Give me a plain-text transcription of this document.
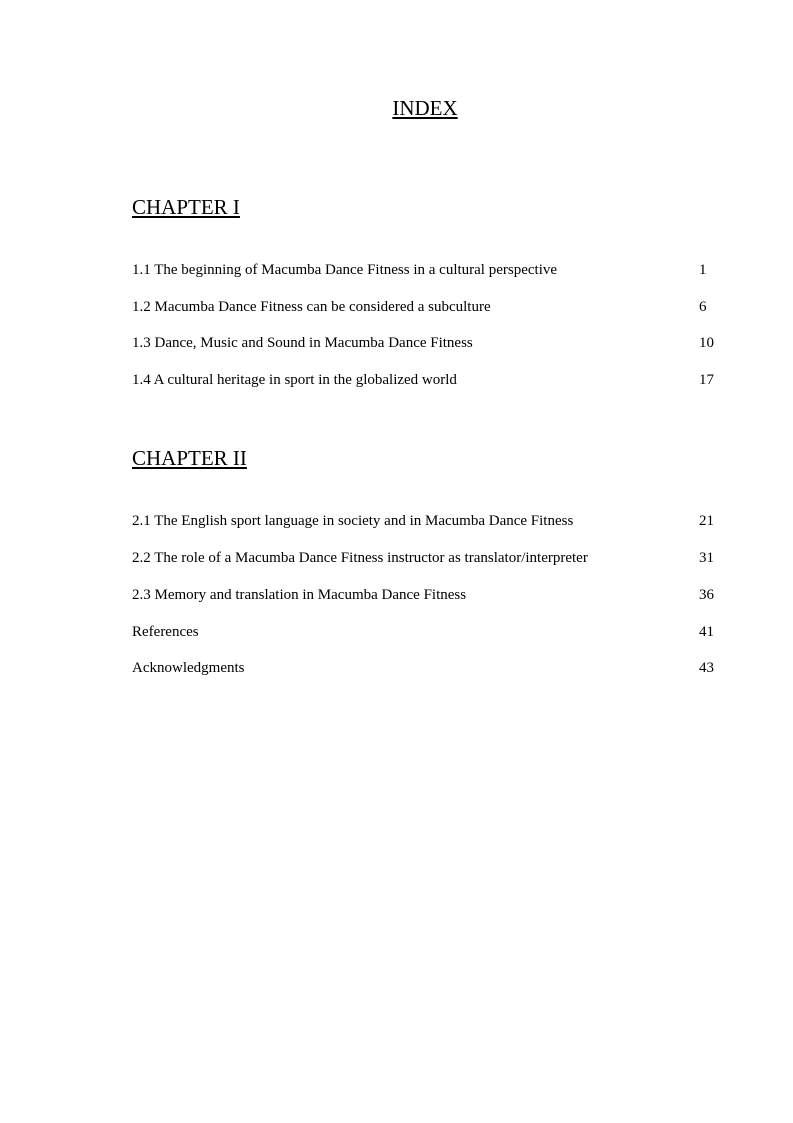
INDEX
CHAPTER I
1.1 The beginning of Macumba Dance Fitness in a cultural perspective	1
1.2 Macumba Dance Fitness can be considered a subculture	6
1.3 Dance, Music and Sound in Macumba Dance Fitness	10
1.4 A cultural heritage in sport in the globalized world	17
CHAPTER II
2.1 The English sport language in society and in Macumba Dance Fitness	21
2.2 The role of a Macumba Dance Fitness instructor as translator/interpreter	31
2.3 Memory and translation in Macumba Dance Fitness	36
References	41
Acknowledgments	43
